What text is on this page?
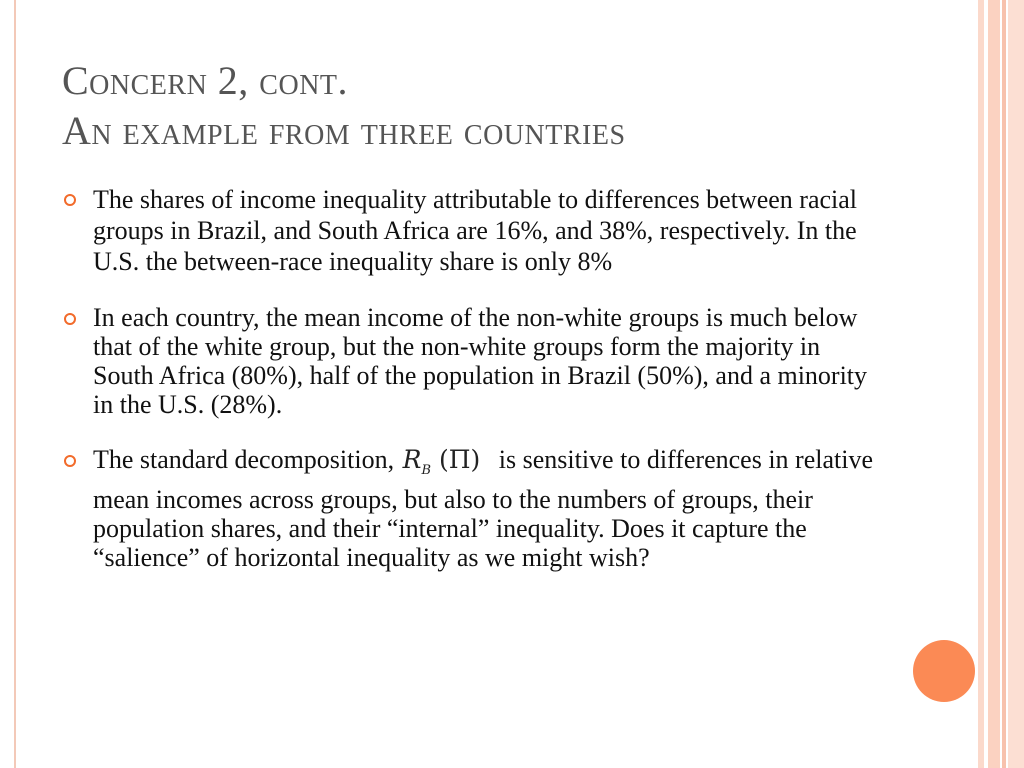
Concern 2, cont.
An example from three countries
The shares of income inequality attributable to differences between racial groups in Brazil, and South Africa are 16%, and 38%, respectively. In the U.S. the between-race inequality share is only 8%
In each country, the mean income of the non-white groups is much below that of the white group, but the non-white groups form the majority in South Africa (80%), half of the population in Brazil (50%), and a minority in the U.S. (28%).
The standard decomposition, $R_B$ (Π) is sensitive to differences in relative mean incomes across groups, but also to the numbers of groups, their population shares, and their “internal” inequality. Does it capture the “salience” of horizontal inequality as we might wish?
